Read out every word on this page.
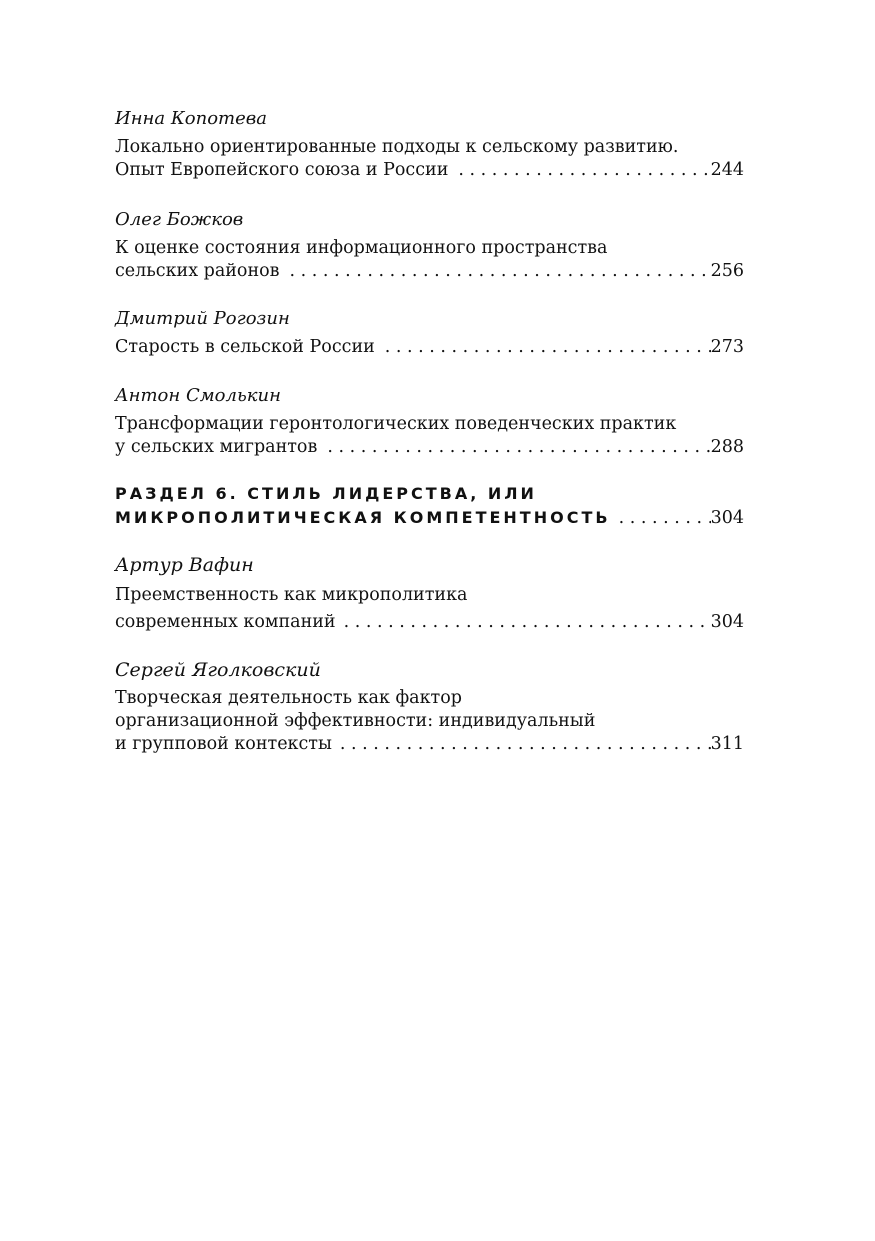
Инна Копотева

Локально ориентированные подходы к сельскому развитию.
Опыт Европейского союза и России . . .	244

Олег Божков

К оценке состояния информационного пространства
сельских районов . . .	256

Дмитрий Рогозин

Старость в сельской России . . .	273

Антон Смолькин

Трансформации геронтологических поведенческих практик
у сельских мигрантов . . .	288
РАЗДЕЛ 6. СТИЛЬ ЛИДЕРСТВА, ИЛИ
МИКРОПОЛИТИЧЕСКАЯ КОМПЕТЕНТНОСТЬ . . .	304

Артур Вафин

Преемственность как микрополитика
современных компаний . . .	304

Сергей Яголковский

Творческая деятельность как фактор
организационной эффективности: индивидуальный
и групповой контексты . . .	311
